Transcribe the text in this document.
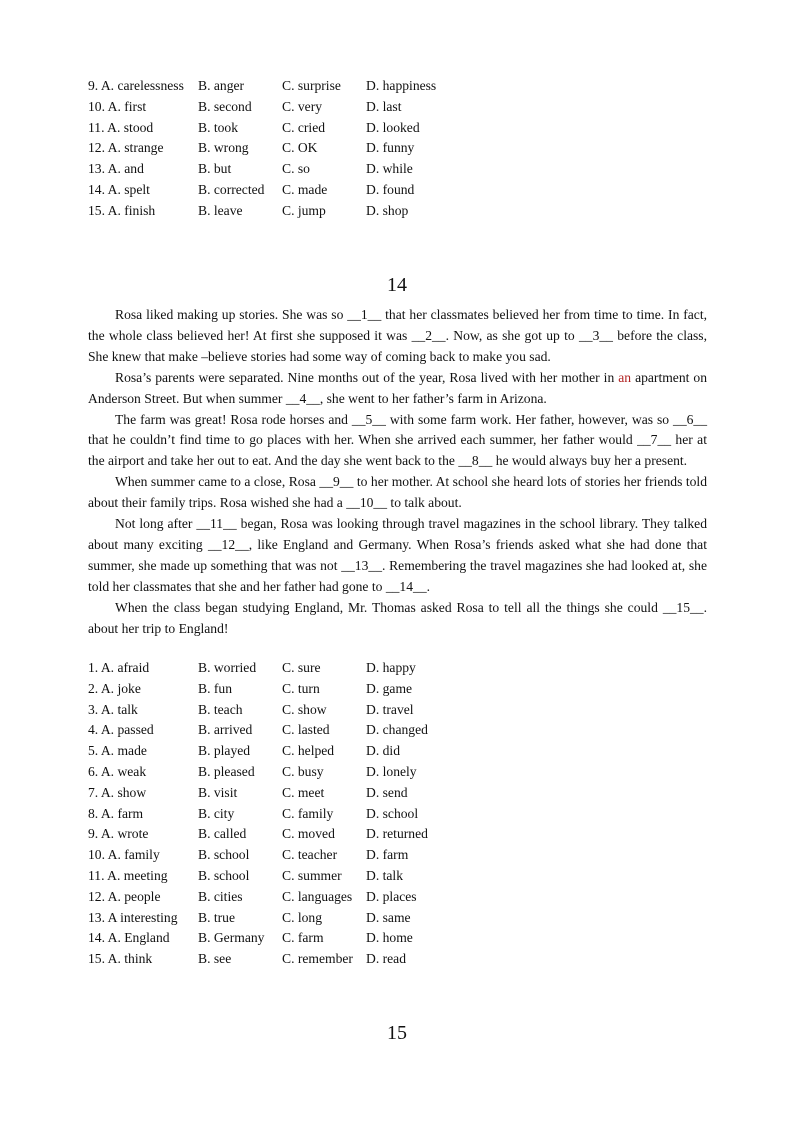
9. A. carelessness	B. anger	C. surprise	D. happiness
10. A. first	B. second	C. very	D. last
11. A. stood	B. took	C. cried	D. looked
12. A. strange	B. wrong	C. OK	D. funny
13. A. and	B. but	C. so	D. while
14. A. spelt	B. corrected	C. made	D. found
15. A. finish	B. leave	C. jump	D. shop
14

Rosa liked making up stories. She was so __1__ that her classmates believed her from time to time. In fact, the whole class believed her! At first she supposed it was __2__. Now, as she got up to __3__ before the class, She knew that make –believe stories had some way of coming back to make you sad.

Rosa’s parents were separated. Nine months out of the year, Rosa lived with her mother in an apartment on Anderson Street. But when summer __4__, she went to her father’s farm in Arizona.

The farm was great! Rosa rode horses and __5__ with some farm work. Her father, however, was so __6__ that he couldn’t find time to go places with her. When she arrived each summer, her father would __7__ her at the airport and take her out to eat. And the day she went back to the __8__ he would always buy her a present.

When summer came to a close, Rosa __9__ to her mother. At school she heard lots of stories her friends told about their family trips. Rosa wished she had a __10__ to talk about.

Not long after __11__ began, Rosa was looking through travel magazines in the school library. They talked about many exciting __12__, like England and Germany. When Rosa’s friends asked what she had done that summer, she made up something that was not __13__. Remembering the travel magazines she had looked at, she told her classmates that she and her father had gone to __14__.

When the class began studying England, Mr. Thomas asked Rosa to tell all the things she could __15__. about her trip to England!

1. A. afraid	B. worried	C. sure	D. happy
2. A. joke	B. fun	C. turn	D. game
3. A. talk	B. teach	C. show	D. travel
4. A. passed	B. arrived	C. lasted	D. changed
5. A. made	B. played	C. helped	D. did
6. A. weak	B. pleased	C. busy	D. lonely
7. A. show	B. visit	C. meet	D. send
8. A. farm	B. city	C. family	D. school
9. A. wrote	B. called	C. moved	D. returned
10. A. family	B. school	C. teacher	D. farm
11. A. meeting	B. school	C. summer	D. talk
12. A. people	B. cities	C. languages	D. places
13. A interesting	B. true	C. long	D. same
14. A. England	B. Germany	C. farm	D. home
15. A. think	B. see	C. remember	D. read
15
